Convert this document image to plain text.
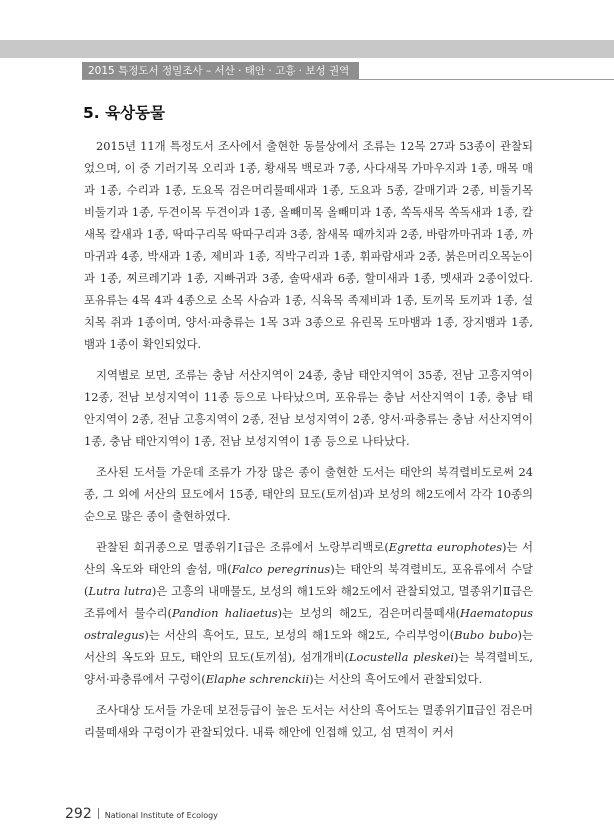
2015 특정도서 정밀조사 – 서산 · 태안 · 고흥 · 보성 권역
5. 육상동물

2015년 11개 특정도서 조사에서 출현한 동물상에서 조류는 12목 27과 53종이 관찰되었으며, 이 중 기러기목 오리과 1종, 황새목 백로과 7종, 사다새목 가마우지과 1종, 매목 매과 1종, 수리과 1종, 도요목 검은머리물떼새과 1종, 도요과 5종, 갈매기과 2종, 비둘기목 비둘기과 1종, 두견이목 두견이과 1종, 올빼미목 올빼미과 1종, 쏙독새목 쏙독새과 1종, 칼새목 칼새과 1종, 딱따구리목 딱따구리과 3종, 참새목 때까치과 2종, 바람까마귀과 1종, 까마귀과 4종, 박새과 1종, 제비과 1종, 직박구리과 1종, 휘파람새과 2종, 붉은머리오목눈이과 1종, 찌르레기과 1종, 지빠귀과 3종, 솔딱새과 6종, 할미새과 1종, 멧새과 2종이었다. 포유류는 4목 4과 4종으로 소목 사슴과 1종, 식육목 족제비과 1종, 토끼목 토끼과 1종, 설치목 쥐과 1종이며, 양서·파충류는 1목 3과 3종으로 유린목 도마뱀과 1종, 장지뱀과 1종, 뱀과 1종이 확인되었다.

지역별로 보면, 조류는 충남 서산지역이 24종, 충남 태안지역이 35종, 전남 고흥지역이 12종, 전남 보성지역이 11종 등으로 나타났으며, 포유류는 충남 서산지역이 1종, 충남 태안지역이 2종, 전남 고흥지역이 2종, 전남 보성지역이 2종, 양서·파충류는 충남 서산지역이 1종, 충남 태안지역이 1종, 전남 보성지역이 1종 등으로 나타났다.

조사된 도서들 가운데 조류가 가장 많은 종이 출현한 도서는 태안의 북격렬비도로써 24종, 그 외에 서산의 묘도에서 15종, 태안의 묘도(토끼섬)과 보성의 해2도에서 각각 10종의 순으로 많은 종이 출현하였다.

관찰된 희귀종으로 멸종위기Ⅰ급은 조류에서 노랑부리백로(Egretta europhotes)는 서산의 옥도와 태안의 솔섬, 매(Falco peregrinus)는 태안의 북격렬비도, 포유류에서 수달(Lutra lutra)은 고흥의 내매물도, 보성의 해1도와 해2도에서 관찰되었고, 멸종위기Ⅱ급은 조류에서 물수리(Pandion haliaetus)는 보성의 해2도, 검은머리물떼새(Haematopus ostralegus)는 서산의 흑어도, 묘도, 보성의 해1도와 해2도, 수리부엉이(Bubo bubo)는 서산의 옥도와 묘도, 태안의 묘도(토끼섬), 섬개개비(Locustella pleskei)는 북격렬비도, 양서·파충류에서 구렁이(Elaphe schrenckii)는 서산의 흑어도에서 관찰되었다.

조사대상 도서들 가운데 보전등급이 높은 도서는 서산의 흑어도는 멸종위기Ⅱ급인 검은머리물떼새와 구렁이가 관찰되었다. 내륙 해안에 인접해 있고, 섬 면적이 커서

292 National Institute of Ecology
